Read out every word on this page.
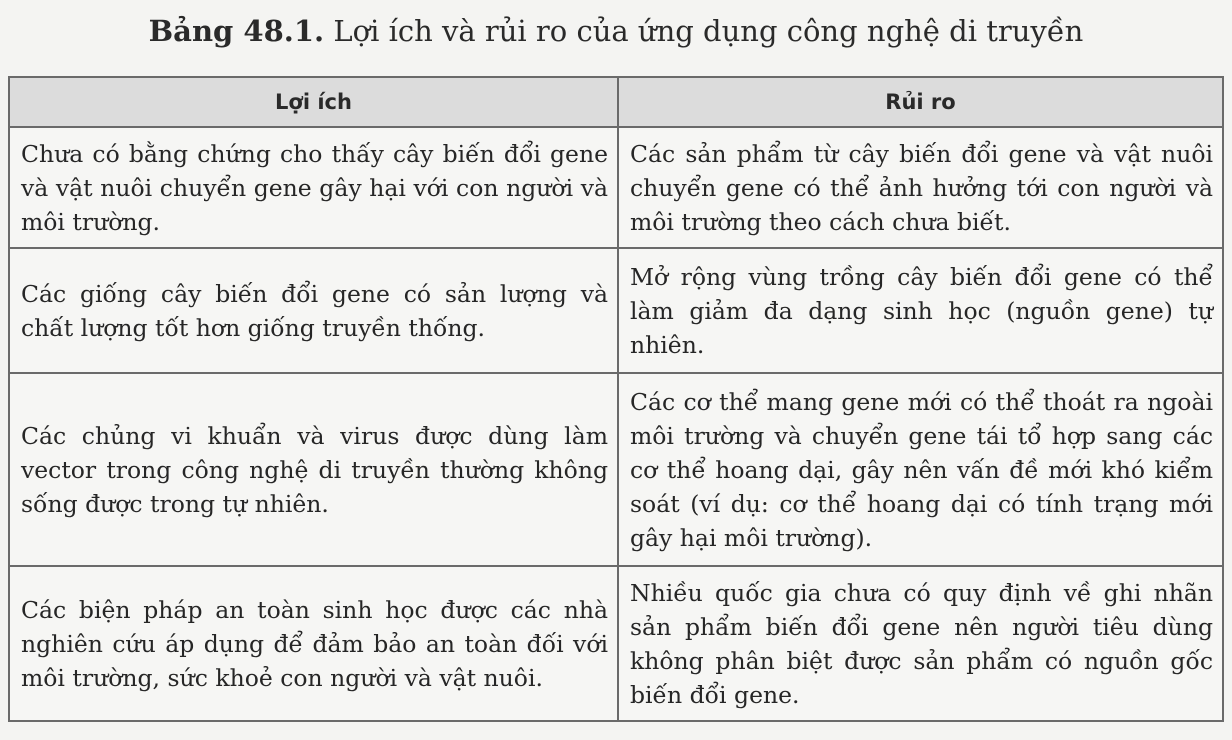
Bảng 48.1. Lợi ích và rủi ro của ứng dụng công nghệ di truyền
Lợi ích	Rủi ro
Chưa có bằng chứng cho thấy cây biến đổi gene và vật nuôi chuyển gene gây hại với con người và môi trường.	Các sản phẩm từ cây biến đổi gene và vật nuôi chuyển gene có thể ảnh hưởng tới con người và môi trường theo cách chưa biết.
Các giống cây biến đổi gene có sản lượng và chất lượng tốt hơn giống truyền thống.	Mở rộng vùng trồng cây biến đổi gene có thể làm giảm đa dạng sinh học (nguồn gene) tự nhiên.
Các chủng vi khuẩn và virus được dùng làm vector trong công nghệ di truyền thường không sống được trong tự nhiên.	Các cơ thể mang gene mới có thể thoát ra ngoài môi trường và chuyển gene tái tổ hợp sang các cơ thể hoang dại, gây nên vấn đề mới khó kiểm soát (ví dụ: cơ thể hoang dại có tính trạng mới gây hại môi trường).
Các biện pháp an toàn sinh học được các nhà nghiên cứu áp dụng để đảm bảo an toàn đối với môi trường, sức khoẻ con người và vật nuôi.	Nhiều quốc gia chưa có quy định về ghi nhãn sản phẩm biến đổi gene nên người tiêu dùng không phân biệt được sản phẩm có nguồn gốc biến đổi gene.
